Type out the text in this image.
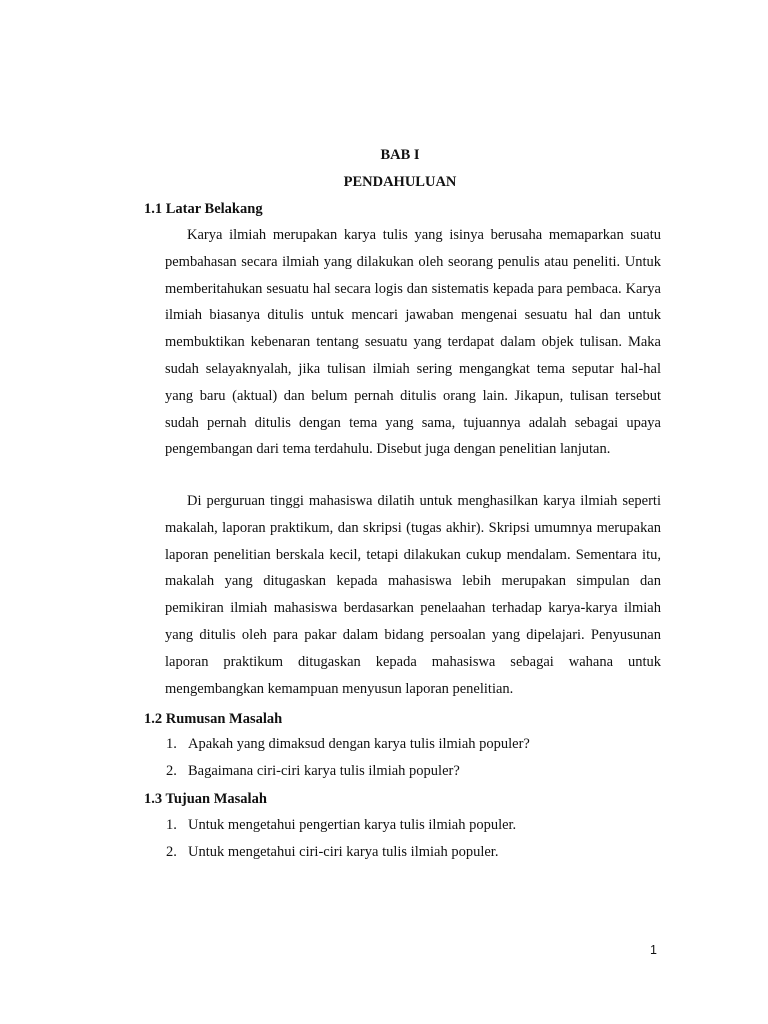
BAB I
PENDAHULUAN
1.1 Latar Belakang

Karya ilmiah merupakan karya tulis yang isinya berusaha memaparkan suatu pembahasan secara ilmiah yang dilakukan oleh seorang penulis atau peneliti. Untuk memberitahukan sesuatu hal secara logis dan sistematis kepada para pembaca. Karya ilmiah biasanya ditulis untuk mencari jawaban mengenai sesuatu hal dan untuk membuktikan kebenaran tentang sesuatu yang terdapat dalam objek tulisan. Maka sudah selayaknyalah, jika tulisan ilmiah sering mengangkat tema seputar hal-hal yang baru (aktual) dan belum pernah ditulis orang lain. Jikapun, tulisan tersebut sudah pernah ditulis dengan tema yang sama, tujuannya adalah sebagai upaya pengembangan dari tema terdahulu. Disebut juga dengan penelitian lanjutan.

Di perguruan tinggi mahasiswa dilatih untuk menghasilkan karya ilmiah seperti makalah, laporan praktikum, dan skripsi (tugas akhir). Skripsi umumnya merupakan laporan penelitian berskala kecil, tetapi dilakukan cukup mendalam. Sementara itu, makalah yang ditugaskan kepada mahasiswa lebih merupakan simpulan dan pemikiran ilmiah mahasiswa berdasarkan penelaahan terhadap karya-karya ilmiah yang ditulis oleh para pakar dalam bidang persoalan yang dipelajari. Penyusunan laporan praktikum ditugaskan kepada mahasiswa sebagai wahana untuk mengembangkan kemampuan menyusun laporan penelitian.

1.2 Rumusan Masalah
1. Apakah yang dimaksud dengan karya tulis ilmiah populer?
2. Bagaimana ciri-ciri karya tulis ilmiah populer?
1.3 Tujuan Masalah
1. Untuk mengetahui pengertian karya tulis ilmiah populer.
2. Untuk mengetahui ciri-ciri karya tulis ilmiah populer.
1
